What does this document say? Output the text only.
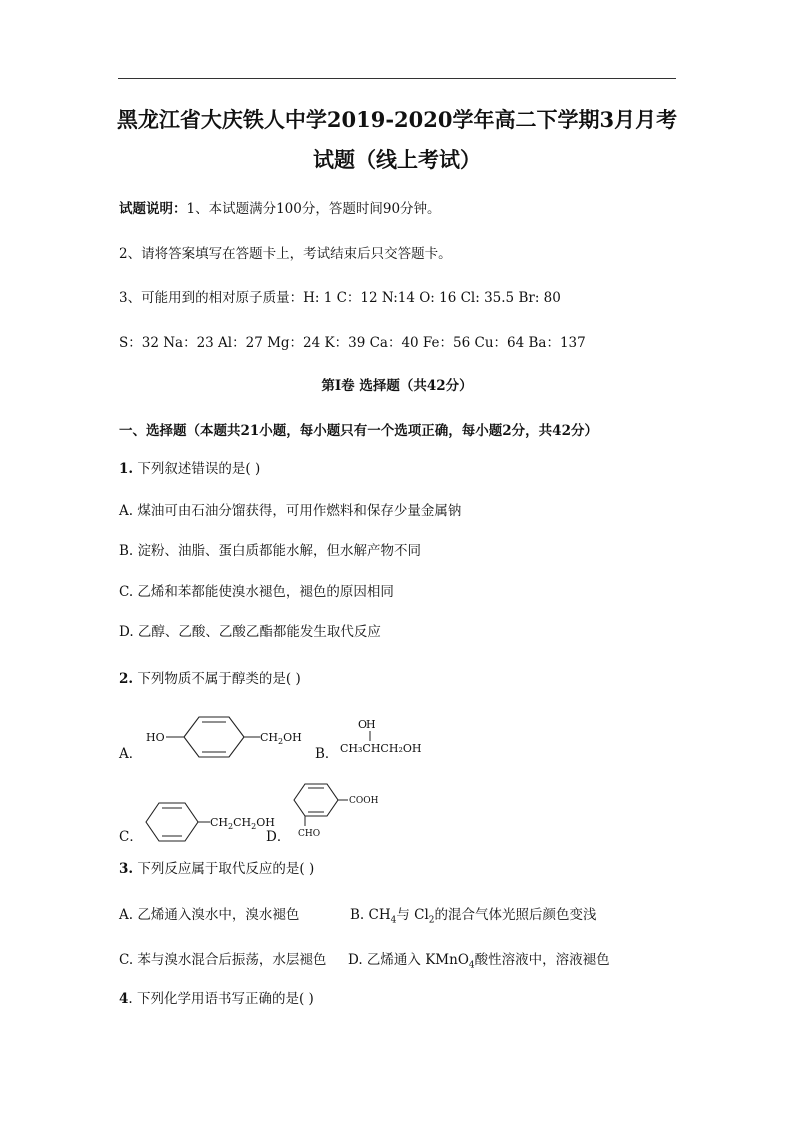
黑龙江省大庆铁人中学2019-2020学年高二下学期3月月考
试题（线上考试）
试题说明：1、本试题满分100分，答题时间90分钟。
2、请将答案填写在答题卡上，考试结束后只交答题卡。
3、可能用到的相对原子质量：H: 1 C：12 N:14 O: 16 Cl: 35.5 Br: 80
S：32 Na：23 Al：27 Mg：24 K：39 Ca：40 Fe：56 Cu：64 Ba：137
第Ⅰ卷 选择题（共42分）
一、选择题（本题共21小题，每小题只有一个选项正确，每小题2分，共42分）
1. 下列叙述错误的是( )
A. 煤油可由石油分馏获得，可用作燃料和保存少量金属钠
B. 淀粉、油脂、蛋白质都能水解，但水解产物不同
C. 乙烯和苯都能使溴水褪色，褪色的原因相同
D. 乙醇、乙酸、乙酸乙酯都能发生取代反应
2. 下列物质不属于醇类的是( )
A．
HO	$CH_2OH$
B．
H
O
CH₃CHCH₂OH
C．
$CH_2CH_2OH$
D．
COOH
CHO
3. 下列反应属于取代反应的是( )
A. 乙烯通入溴水中，溴水褪色	B. $CH_4$与 $Cl_2$的混合气体光照后颜色变浅
C. 苯与溴水混合后振荡，水层褪色 D. 乙烯通入 KMnO$_4$酸性溶液中，溶液褪色
4. 下列化学用语书写正确的是( )
